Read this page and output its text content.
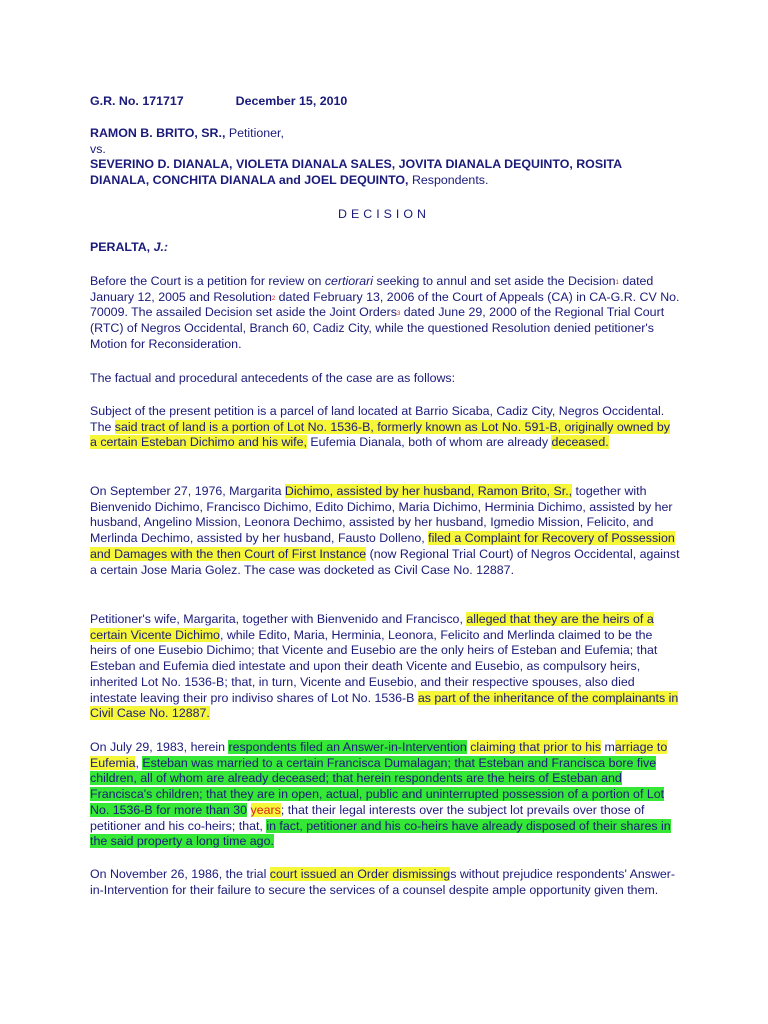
G.R. No. 171717	December 15, 2010

RAMON B. BRITO, SR., Petitioner,

vs.

SEVERINO D. DIANALA, VIOLETA DIANALA SALES, JOVITA DIANALA DEQUINTO, ROSITA DIANALA, CONCHITA DIANALA and JOEL DEQUINTO, Respondents.

DECISION
PERALTA, J.:
Before the Court is a petition for review on certiorari seeking to annul and set aside the Decision$^1$ dated January 12, 2005 and Resolution$^2$ dated February 13, 2006 of the Court of Appeals (CA) in CA-G.R. CV No. 70009. The assailed Decision set aside the Joint Orders$^3$ dated June 29, 2000 of the Regional Trial Court (RTC) of Negros Occidental, Branch 60, Cadiz City, while the questioned Resolution denied petitioner's Motion for Reconsideration.
The factual and procedural antecedents of the case are as follows:
Subject of the present petition is a parcel of land located at Barrio Sicaba, Cadiz City, Negros Occidental. The said tract of land is a portion of Lot No. 1536-B, formerly known as Lot No. 591-B, originally owned by a certain Esteban Dichimo and his wife, Eufemia Dianala, both of whom are already deceased.
On September 27, 1976, Margarita Dichimo, assisted by her husband, Ramon Brito, Sr., together with Bienvenido Dichimo, Francisco Dichimo, Edito Dichimo, Maria Dichimo, Herminia Dichimo, assisted by her husband, Angelino Mission, Leonora Dechimo, assisted by her husband, Igmedio Mission, Felicito, and Merlinda Dechimo, assisted by her husband, Fausto Dolleno, filed a Complaint for Recovery of Possession and Damages with the then Court of First Instance (now Regional Trial Court) of Negros Occidental, against a certain Jose Maria Golez. The case was docketed as Civil Case No. 12887.
Petitioner's wife, Margarita, together with Bienvenido and Francisco, alleged that they are the heirs of a certain Vicente Dichimo, while Edito, Maria, Herminia, Leonora, Felicito and Merlinda claimed to be the heirs of one Eusebio Dichimo; that Vicente and Eusebio are the only heirs of Esteban and Eufemia; that Esteban and Eufemia died intestate and upon their death Vicente and Eusebio, as compulsory heirs, inherited Lot No. 1536-B; that, in turn, Vicente and Eusebio, and their respective spouses, also died intestate leaving their pro indiviso shares of Lot No. 1536-B as part of the inheritance of the complainants in Civil Case No. 12887.
On July 29, 1983, herein respondents filed an Answer-in-Intervention claiming that prior to his marriage to Eufemia, Esteban was married to a certain Francisca Dumalagan; that Esteban and Francisca bore five children, all of whom are already deceased; that herein respondents are the heirs of Esteban and Francisca's children; that they are in open, actual, public and uninterrupted possession of a portion of Lot No. 1536-B for more than 30 years; that their legal interests over the subject lot prevails over those of petitioner and his co-heirs; that, in fact, petitioner and his co-heirs have already disposed of their shares in the said property a long time ago.
On November 26, 1986, the trial court issued an Order dismissings without prejudice respondents' Answer-in-Intervention for their failure to secure the services of a counsel despite ample opportunity given them.
